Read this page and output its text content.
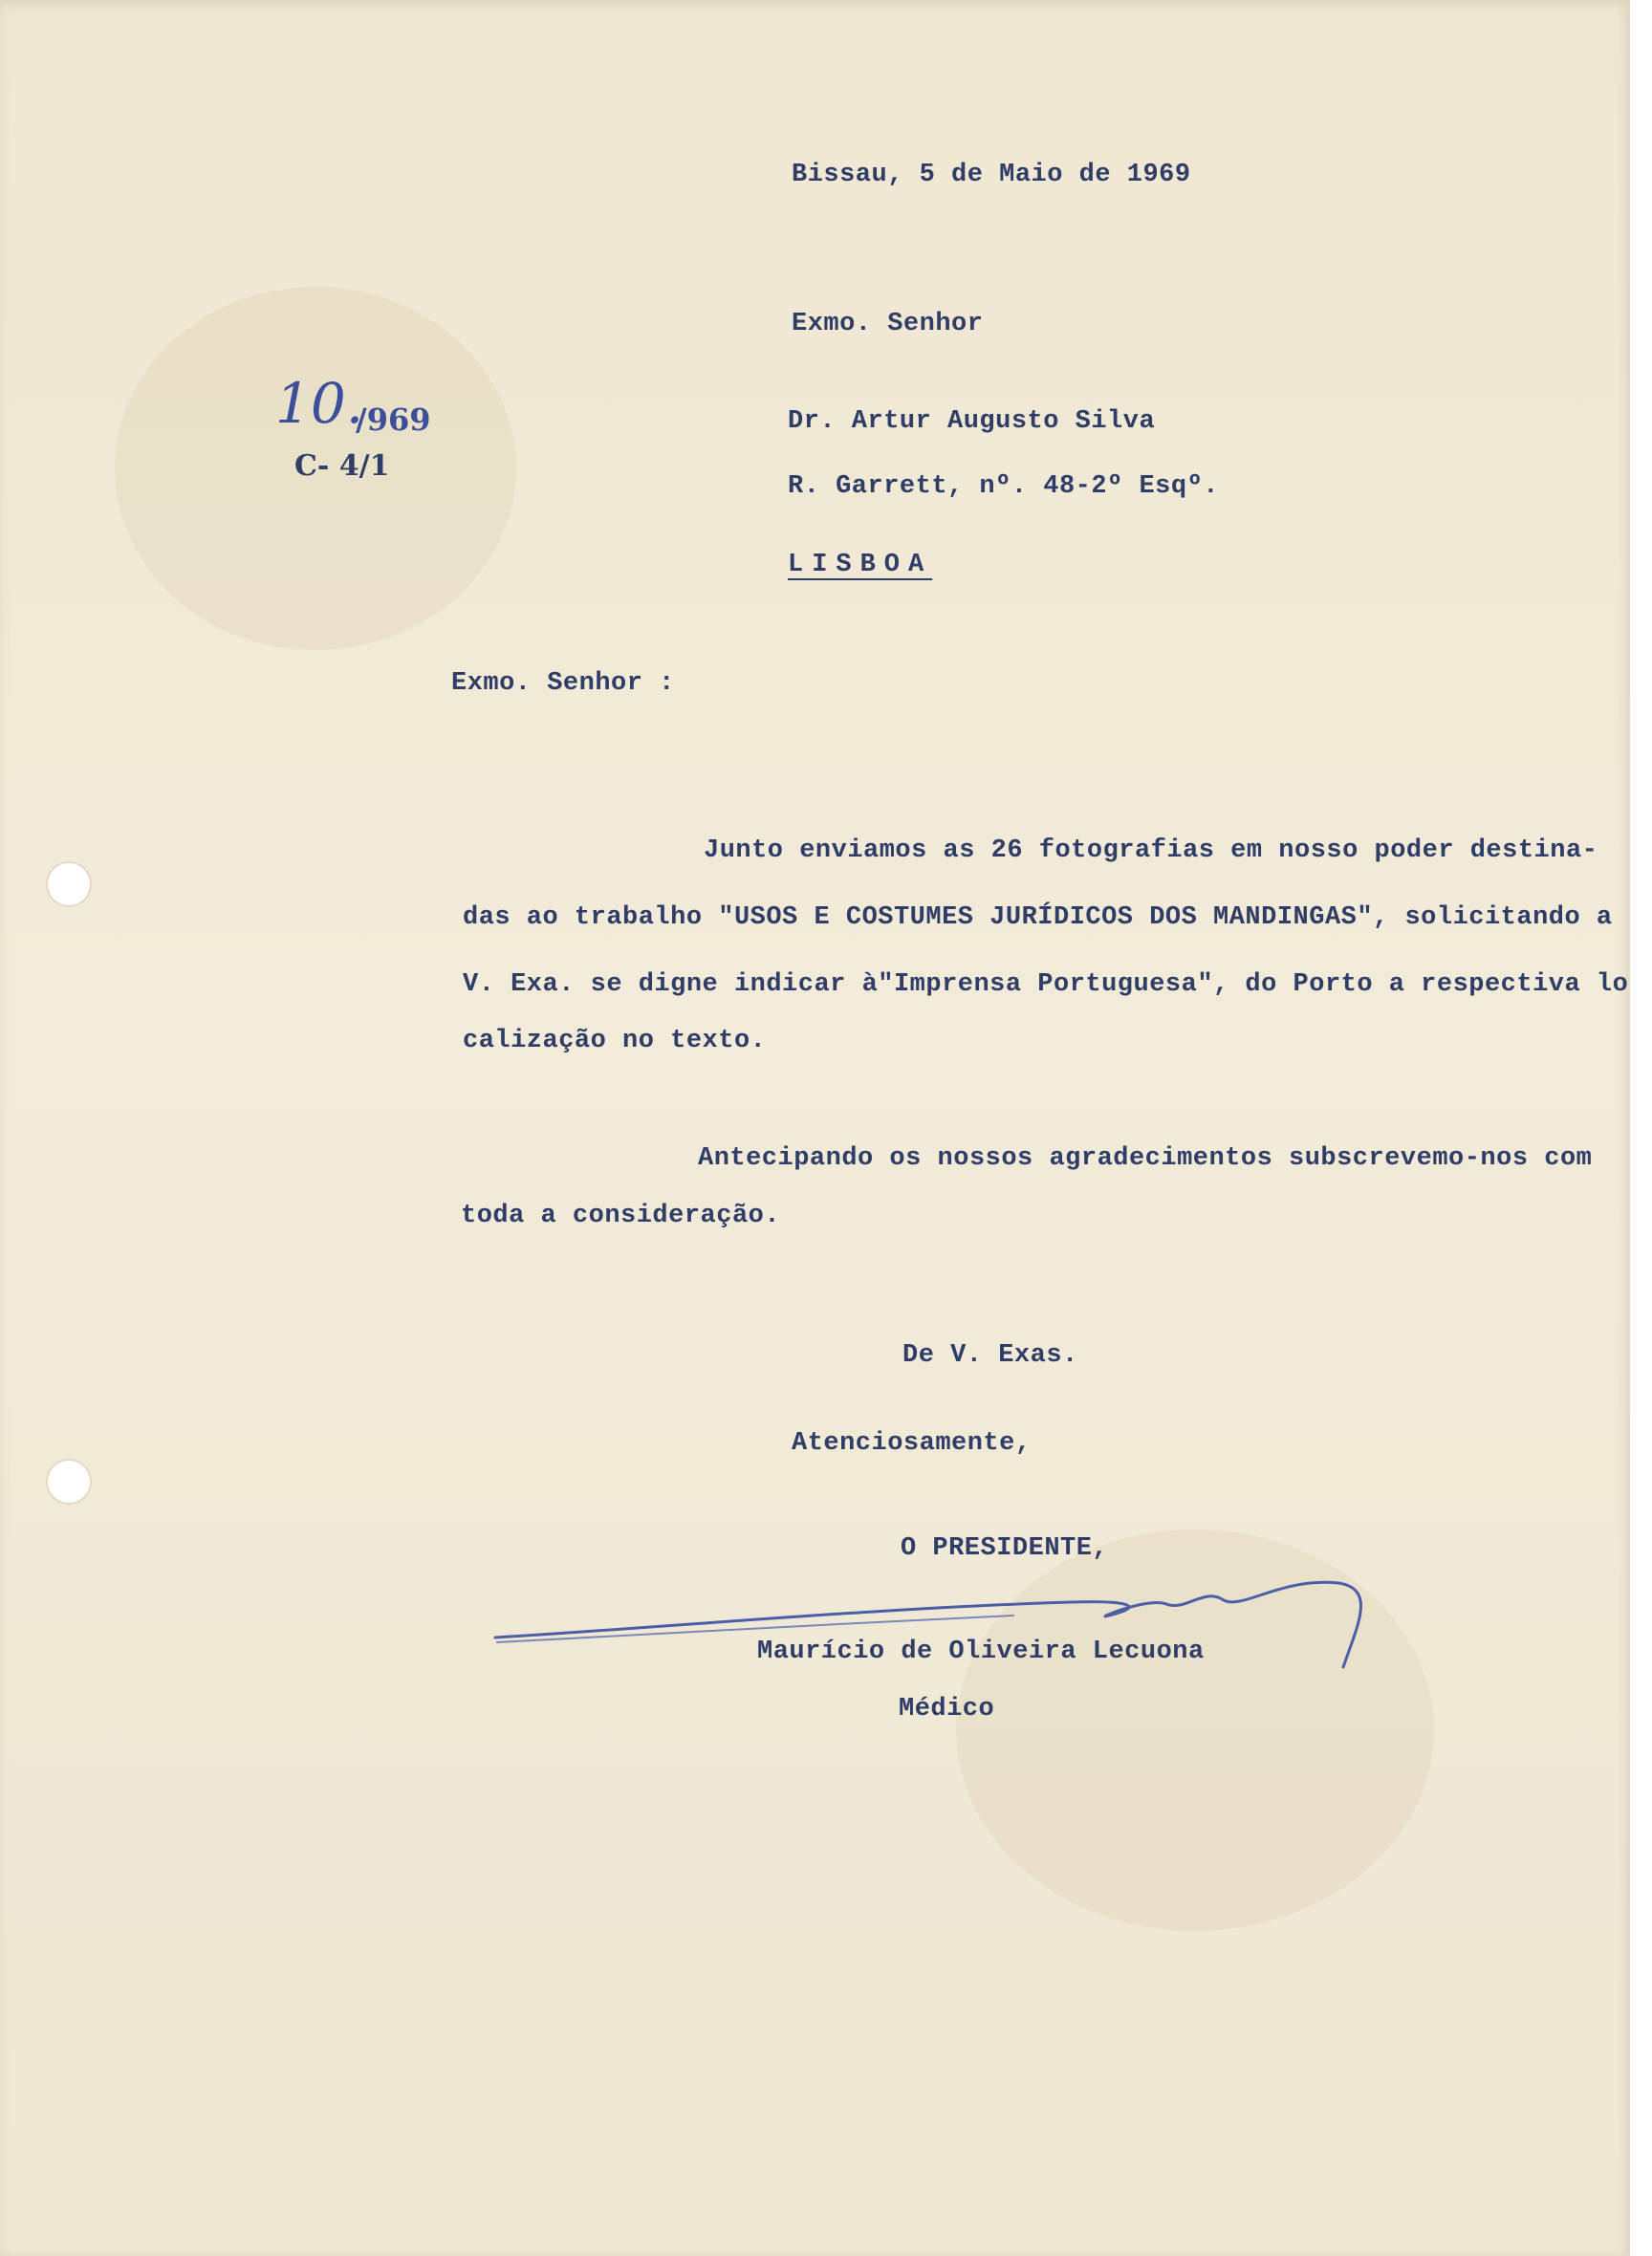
Bissau, 5 de Maio de 1969
Exmo. Senhor
10.
/969
C- 4/1
Dr. Artur Augusto Silva
R. Garrett, nº. 48-2º Esqº.
LISBOA
Exmo. Senhor :
Junto enviamos as 26 fotografias em nosso poder destina-
das ao trabalho "USOS E COSTUMES JURÍDICOS DOS MANDINGAS", solicitando a
V. Exa. se digne indicar à"Imprensa Portuguesa", do Porto a respectiva lo
calização no texto.
Antecipando os nossos agradecimentos subscrevemo-nos com
toda a consideração.
De V. Exas.
Atenciosamente,
O PRESIDENTE,
Maurício de Oliveira Lecuona
Médico
